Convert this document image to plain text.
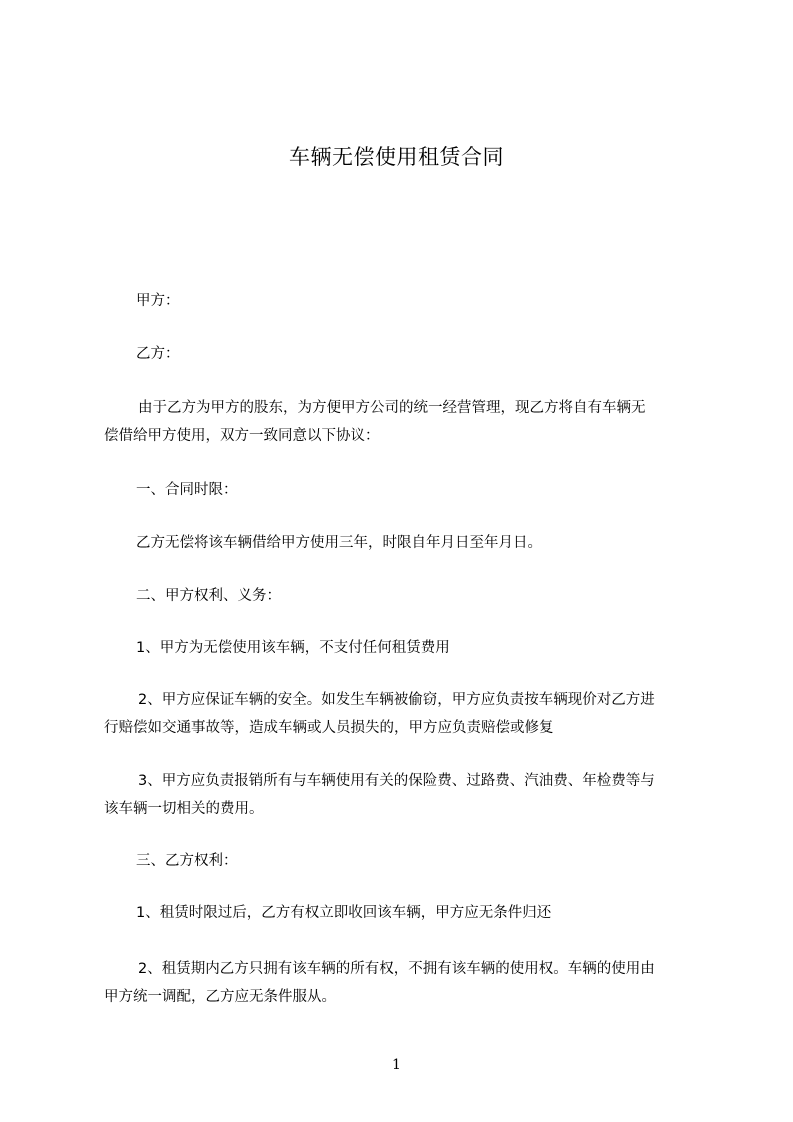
车辆无偿使用租赁合同
甲方：
乙方：
由于乙方为甲方的股东，为方便甲方公司的统一经营管理，现乙方将自有车辆无
偿借给甲方使用，双方一致同意以下协议：
一、合同时限：
乙方无偿将该车辆借给甲方使用三年，时限自年月日至年月日。
二、甲方权利、义务：
1、甲方为无偿使用该车辆，不支付任何租赁费用
2、甲方应保证车辆的安全。如发生车辆被偷窃，甲方应负责按车辆现价对乙方进
行赔偿如交通事故等，造成车辆或人员损失的，甲方应负责赔偿或修复
3、甲方应负责报销所有与车辆使用有关的保险费、过路费、汽油费、年检费等与
该车辆一切相关的费用。
三、乙方权利：
1、租赁时限过后，乙方有权立即收回该车辆，甲方应无条件归还
2、租赁期内乙方只拥有该车辆的所有权，不拥有该车辆的使用权。车辆的使用由
甲方统一调配，乙方应无条件服从。
1
